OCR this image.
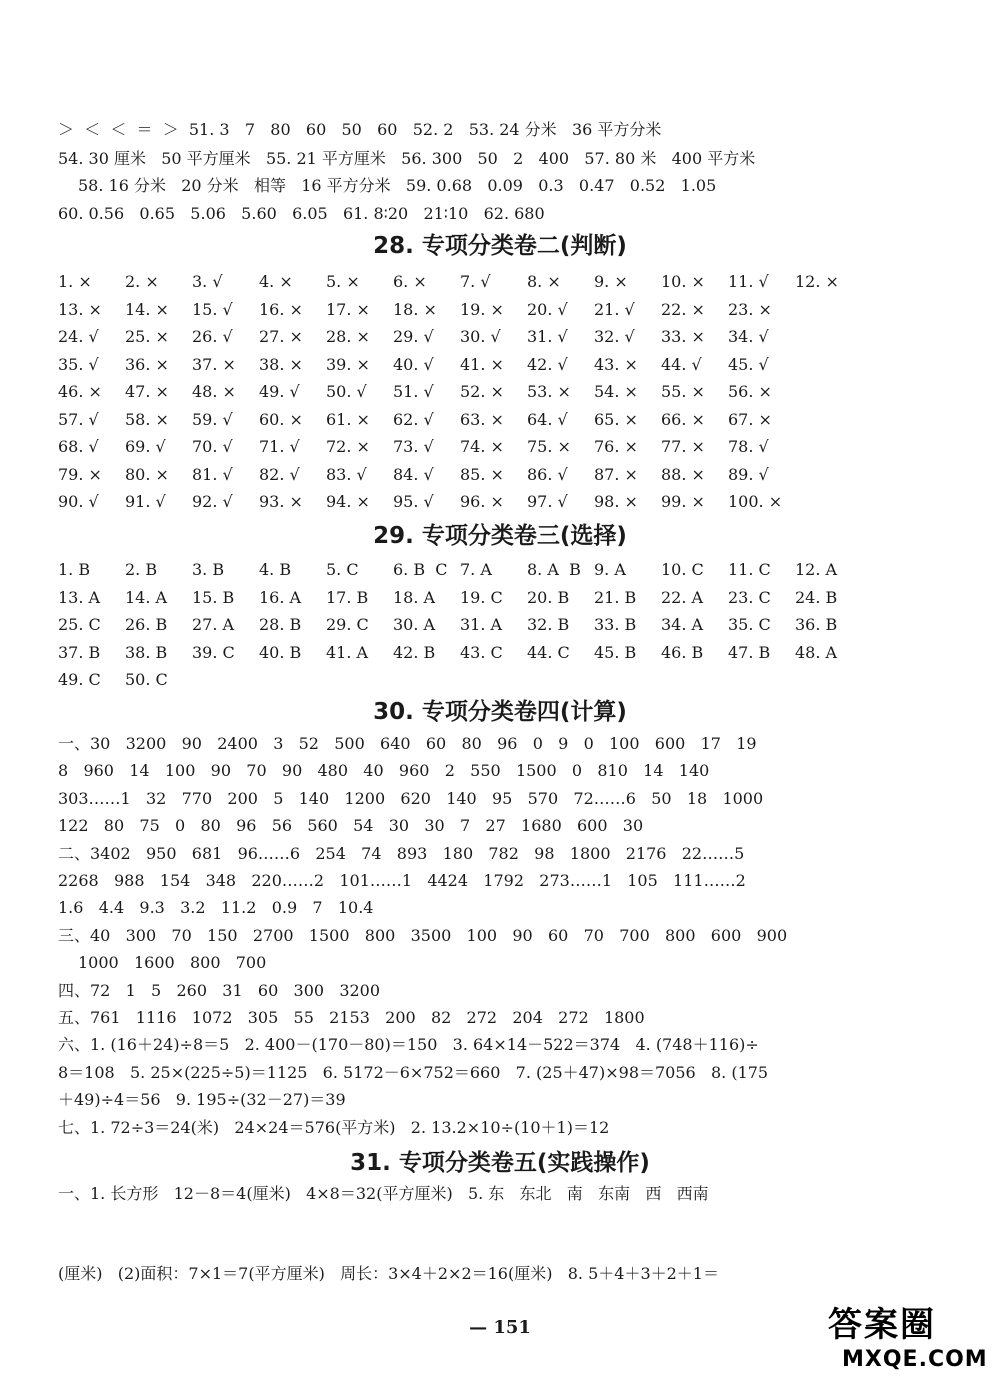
＞  ＜  ＜  ＝  ＞  51. 3   7   80   60   50   60   52. 2   53. 24 分米   36 平方分米
54. 30 厘米   50 平方厘米   55. 21 平方厘米   56. 300   50   2   400   57. 80 米   400 平方米
58. 16 分米   20 分米   相等   16 平方分米   59. 0.68   0.09   0.3   0.47   0.52   1.05
60. 0.56   0.65   5.06   5.60   6.05   61. 8∶20   21∶10   62. 680
28. 专项分类卷二(判断)
1. × 2. × 3. √ 4. × 5. × 6. × 7. √ 8. × 9. × 10. × 11. √ 12. ×
13. × 14. × 15. √ 16. × 17. × 18. × 19. × 20. √ 21. √ 22. × 23. ×
24. √ 25. × 26. √ 27. × 28. × 29. √ 30. √ 31. √ 32. √ 33. × 34. √
35. √ 36. × 37. × 38. × 39. × 40. √ 41. × 42. √ 43. × 44. √ 45. √
46. × 47. × 48. × 49. √ 50. √ 51. √ 52. × 53. × 54. × 55. × 56. ×
57. √ 58. × 59. √ 60. × 61. × 62. √ 63. × 64. √ 65. × 66. × 67. ×
68. √ 69. √ 70. √ 71. √ 72. × 73. √ 74. × 75. × 76. × 77. × 78. √
79. × 80. × 81. √ 82. √ 83. √ 84. √ 85. × 86. √ 87. × 88. × 89. √
90. √ 91. √ 92. √ 93. × 94. × 95. √ 96. × 97. √ 98. × 99. × 100. ×
29. 专项分类卷三(选择)
1. B 2. B 3. B 4. B 5. C 6. B  C 7. A 8. A  B 9. A 10. C 11. C 12. A
13. A 14. A 15. B 16. A 17. B 18. A 19. C 20. B 21. B 22. A 23. C 24. B
25. C 26. B 27. A 28. B 29. C 30. A 31. A 32. B 33. B 34. A 35. C 36. B
37. B 38. B 39. C 40. B 41. A 42. B 43. C 44. C 45. B 46. B 47. B 48. A
49. C 50. C
30. 专项分类卷四(计算)
一、30   3200   90   2400   3   52   500   640   60   80   96   0   9   0   100   600   17   19
8   960   14   100   90   70   90   480   40   960   2   550   1500   0   810   14   140
303……1   32   770   200   5   140   1200   620   140   95   570   72……6   50   18   1000
122   80   75   0   80   96   56   560   54   30   30   7   27   1680   600   30
二、3402   950   681   96……6   254   74   893   180   782   98   1800   2176   22……5
2268   988   154   348   220……2   101……1   4424   1792   273……1   105   111……2
1.6   4.4   9.3   3.2   11.2   0.9   7   10.4
三、40   300   70   150   2700   1500   800   3500   100   90   60   70   700   800   600   900
1000   1600   800   700
四、72   1   5   260   31   60   300   3200
五、761   1116   1072   305   55   2153   200   82   272   204   272   1800
六、1. (16＋24)÷8＝5   2. 400－(170－80)＝150   3. 64×14－522＝374   4. (748＋116)÷
8＝108   5. 25×(225÷5)＝1125   6. 5172－6×752＝660   7. (25＋47)×98＝7056   8. (175
＋49)÷4＝56   9. 195÷(32－27)＝39
七、1. 72÷3＝24(米)   24×24＝576(平方米)   2. 13.2×10÷(10＋1)＝12
31. 专项分类卷五(实践操作)
一、1. 长方形   12－8＝4(厘米)   4×8＝32(平方厘米)   5. 东   东北   南   东南   西   西南

(厘米)   (2)面积：7×1＝7(平方厘米)   周长：3×4＋2×2＝16(厘米)   8. 5＋4＋3＋2＋1＝
— 151	答案圈
MXQE.COM
